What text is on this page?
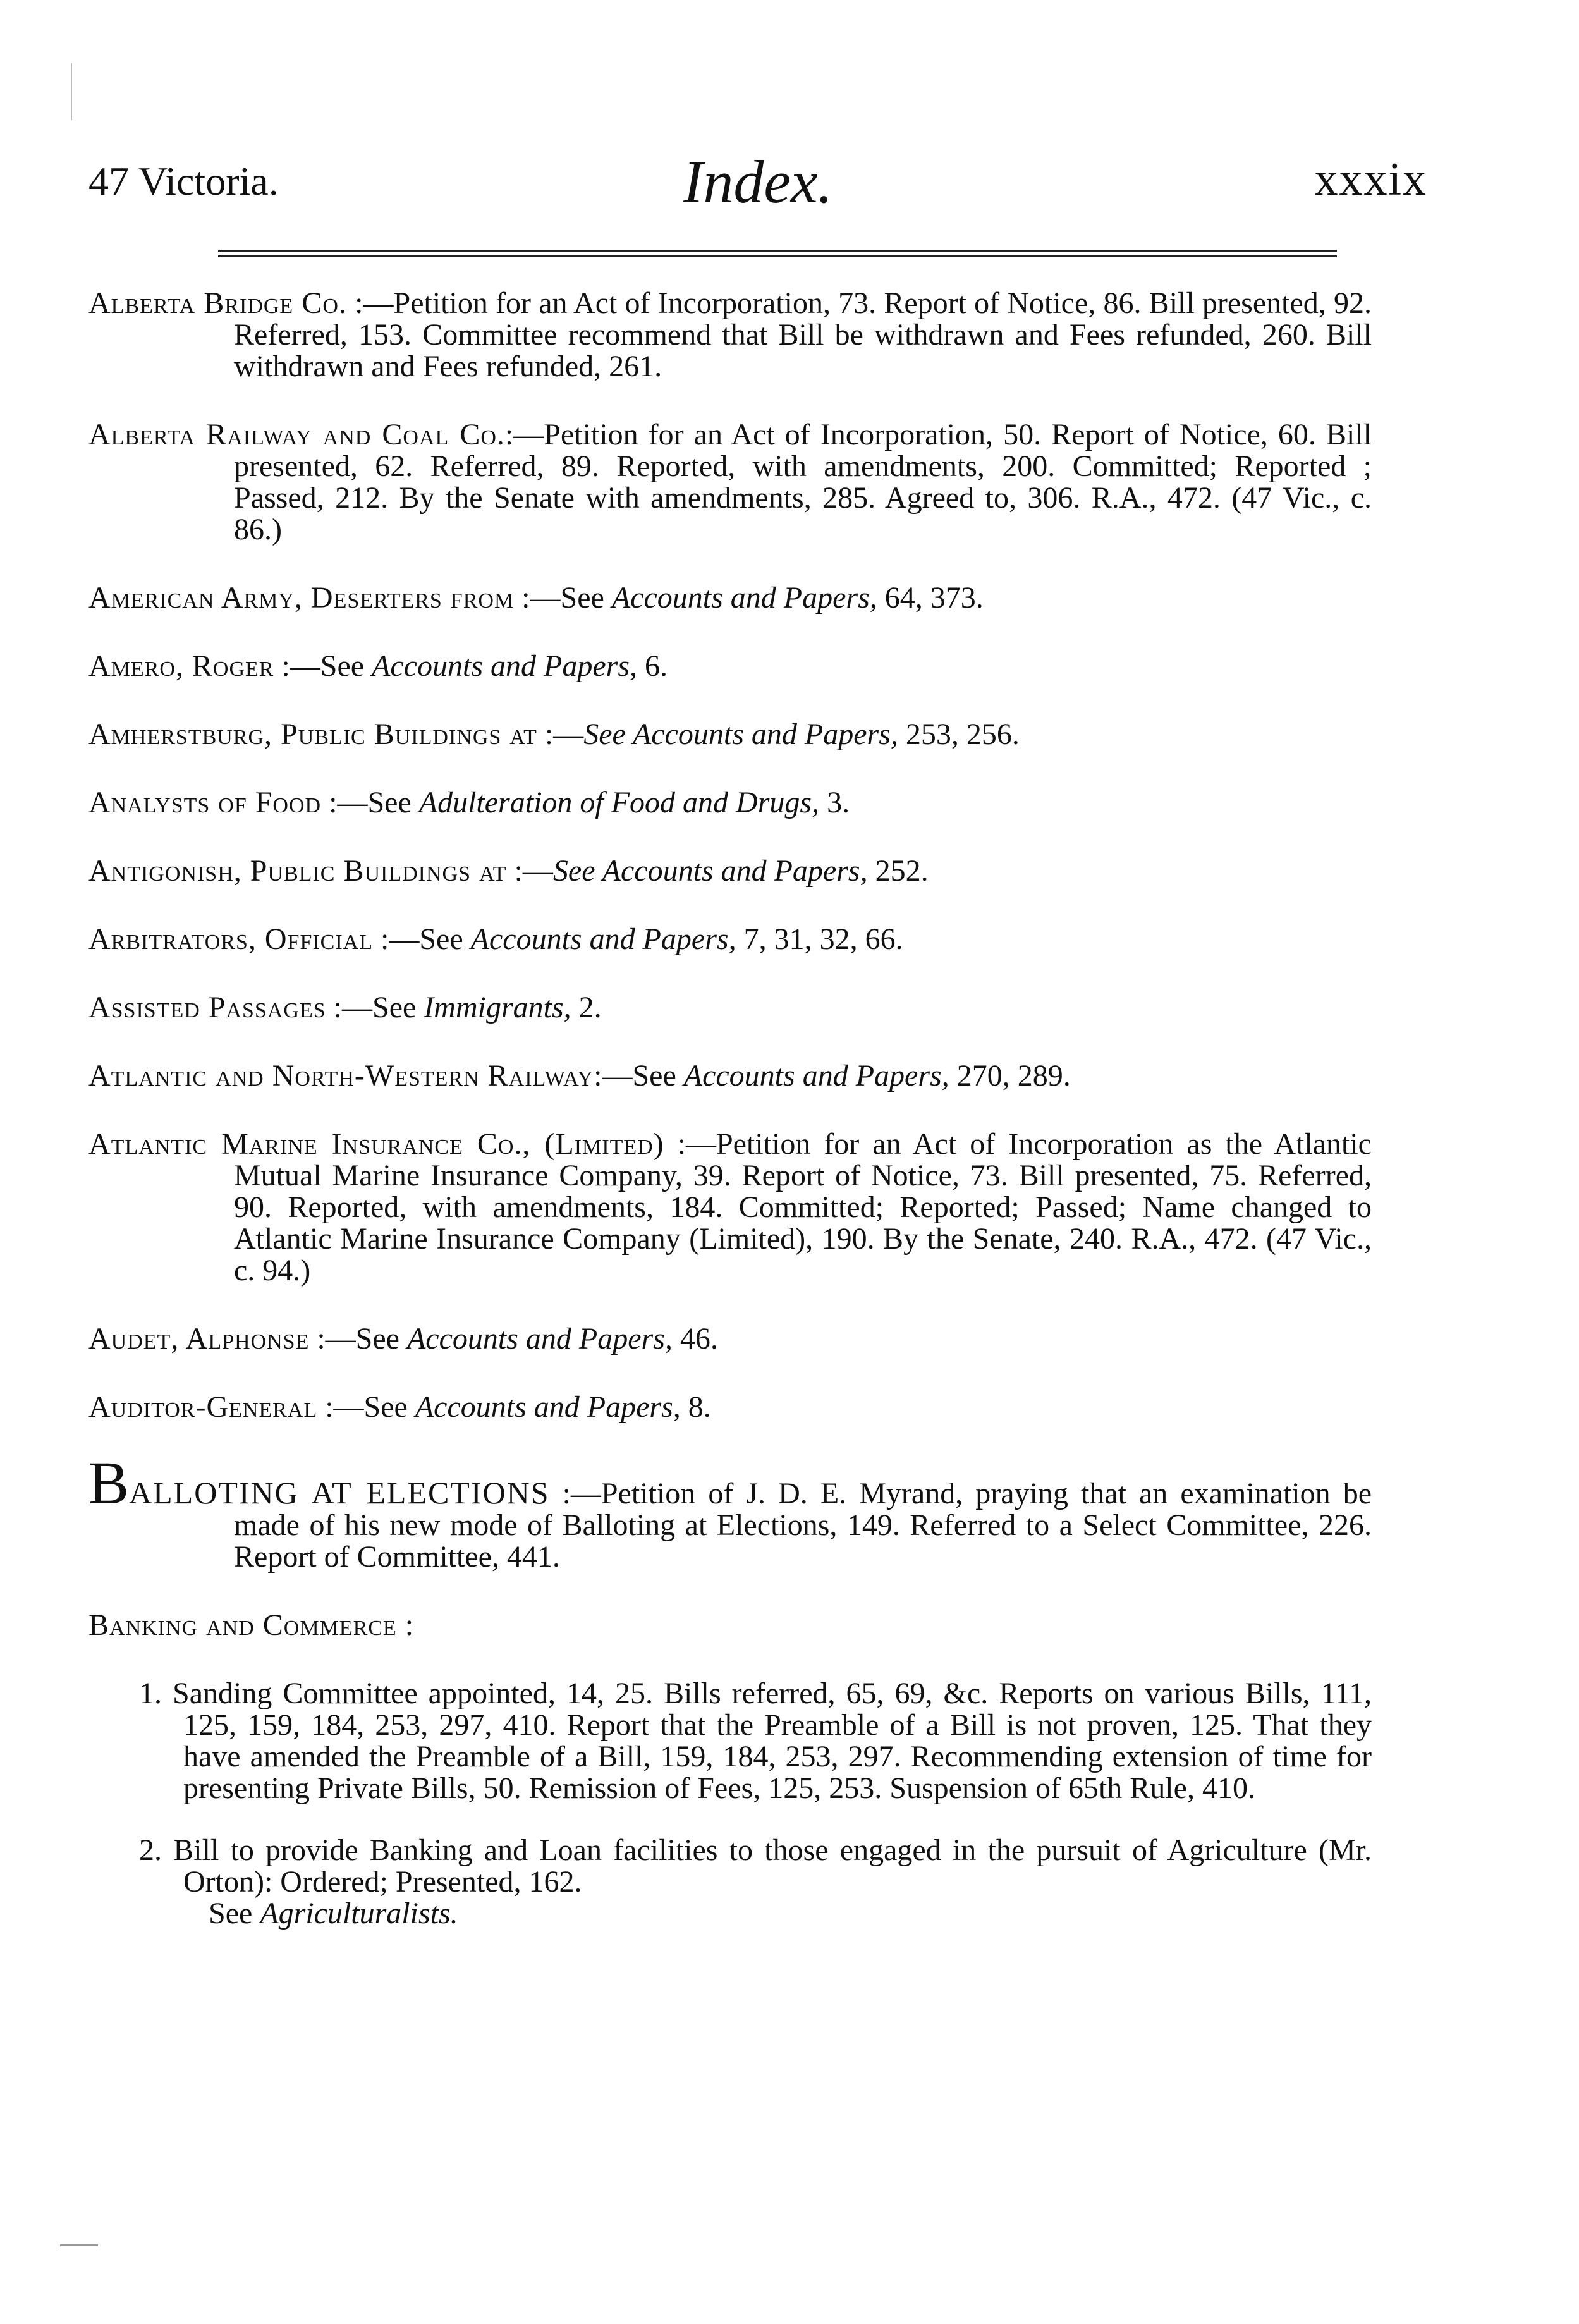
47 Victoria.	Index.	xxxix

Alberta Bridge Co. :—Petition for an Act of Incorporation, 73. Report of Notice, 86. Bill presented, 92. Referred, 153. Committee recommend that Bill be withdrawn and Fees refunded, 260. Bill withdrawn and Fees refunded, 261.

Alberta Railway and Coal Co.:—Petition for an Act of Incorporation, 50. Report of Notice, 60. Bill presented, 62. Referred, 89. Reported, with amendments, 200. Committed; Reported ; Passed, 212. By the Senate with amendments, 285. Agreed to, 306. R.A., 472. (47 Vic., c. 86.)

American Army, Deserters from :—See Accounts and Papers, 64, 373.

Amero, Roger :—See Accounts and Papers, 6.

Amherstburg, Public Buildings at :—See Accounts and Papers, 253, 256.

Analysts of Food :—See Adulteration of Food and Drugs, 3.

Antigonish, Public Buildings at :—See Accounts and Papers, 252.

Arbitrators, Official :—See Accounts and Papers, 7, 31, 32, 66.

Assisted Passages :—See Immigrants, 2.

Atlantic and North-Western Railway:—See Accounts and Papers, 270, 289.

Atlantic Marine Insurance Co., (Limited) :—Petition for an Act of Incorporation as the Atlantic Mutual Marine Insurance Company, 39. Report of Notice, 73. Bill presented, 75. Referred, 90. Reported, with amendments, 184. Committed; Reported; Passed; Name changed to Atlantic Marine Insurance Company (Limited), 190. By the Senate, 240. R.A., 472. (47 Vic., c. 94.)

Audet, Alphonse :—See Accounts and Papers, 46.

Auditor-General :—See Accounts and Papers, 8.

BALLOTING AT ELECTIONS :—Petition of J. D. E. Myrand, praying that an examination be made of his new mode of Balloting at Elections, 149. Referred to a Select Committee, 226. Report of Committee, 441.

Banking and Commerce :

1. Sanding Committee appointed, 14, 25. Bills referred, 65, 69, &c. Reports on various Bills, 111, 125, 159, 184, 253, 297, 410. Report that the Preamble of a Bill is not proven, 125. That they have amended the Preamble of a Bill, 159, 184, 253, 297. Recommending extension of time for presenting Private Bills, 50. Remission of Fees, 125, 253. Suspension of 65th Rule, 410.

2. Bill to provide Banking and Loan facilities to those engaged in the pursuit of Agriculture (Mr. Orton): Ordered; Presented, 162.
See Agriculturalists.
